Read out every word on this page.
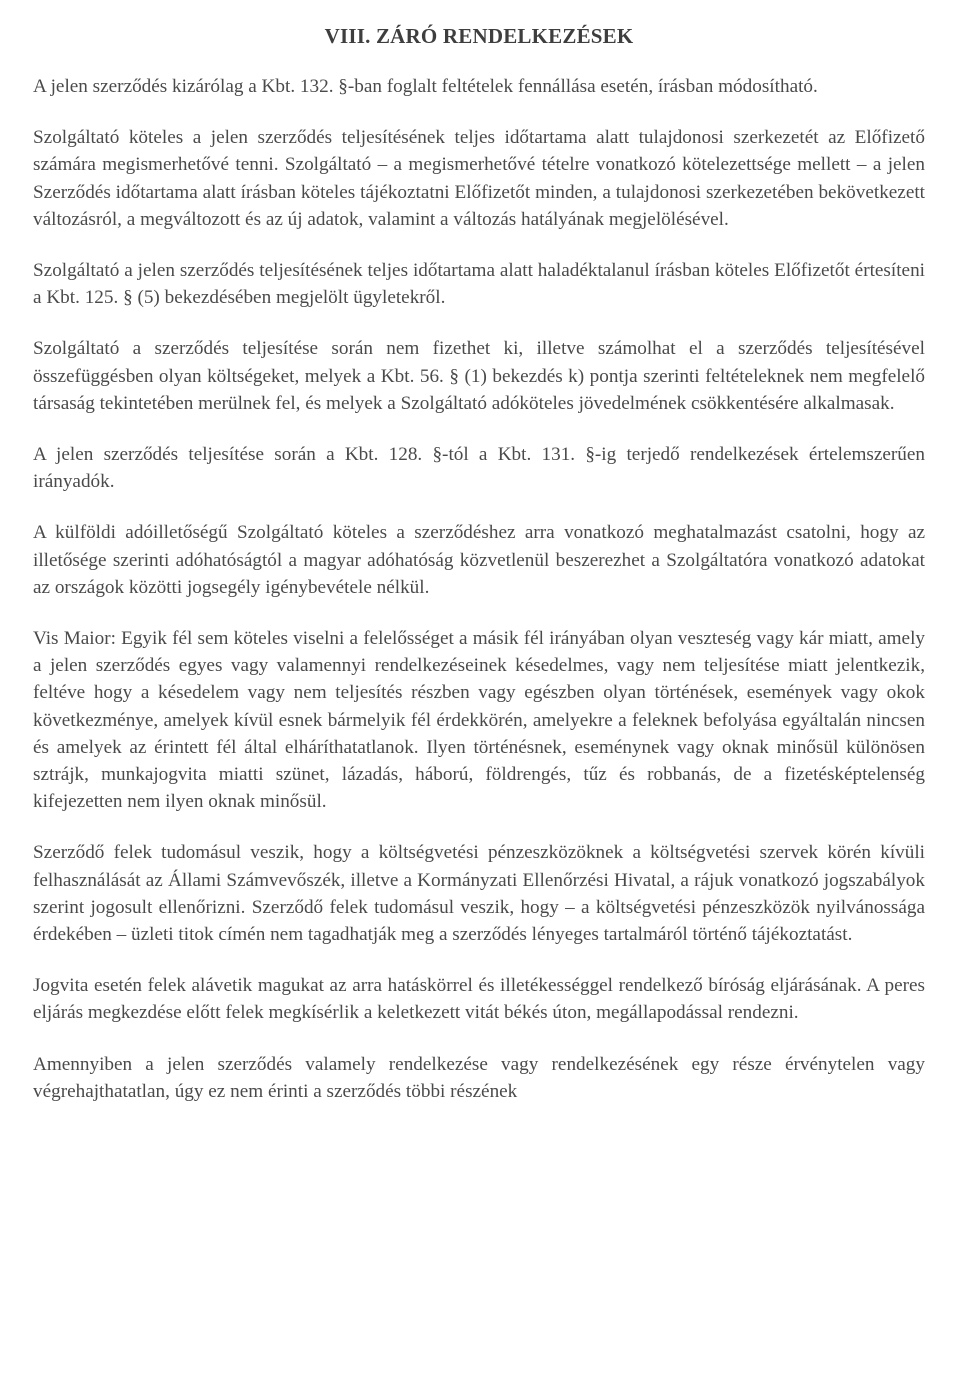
VIII. ZÁRÓ RENDELKEZÉSEK

A jelen szerződés kizárólag a Kbt. 132. §-ban foglalt feltételek fennállása esetén, írásban módosítható.

Szolgáltató köteles a jelen szerződés teljesítésének teljes időtartama alatt tulajdonosi szerkezetét az Előfizető számára megismerhetővé tenni. Szolgáltató – a megismerhetővé tételre vonatkozó kötelezettsége mellett – a jelen Szerződés időtartama alatt írásban köteles tájékoztatni Előfizetőt minden, a tulajdonosi szerkezetében bekövetkezett változásról, a megváltozott és az új adatok, valamint a változás hatályának megjelölésével.

Szolgáltató a jelen szerződés teljesítésének teljes időtartama alatt haladéktalanul írásban köteles Előfizetőt értesíteni a Kbt. 125. § (5) bekezdésében megjelölt ügyletekről.

Szolgáltató a szerződés teljesítése során nem fizethet ki, illetve számolhat el a szerződés teljesítésével összefüggésben olyan költségeket, melyek a Kbt. 56. § (1) bekezdés k) pontja szerinti feltételeknek nem megfelelő társaság tekintetében merülnek fel, és melyek a Szolgáltató adóköteles jövedelmének csökkentésére alkalmasak.

A jelen szerződés teljesítése során a Kbt. 128. §-tól a Kbt. 131. §-ig terjedő rendelkezések értelemszerűen irányadók.

A külföldi adóilletőségű Szolgáltató köteles a szerződéshez arra vonatkozó meghatalmazást csatolni, hogy az illetősége szerinti adóhatóságtól a magyar adóhatóság közvetlenül beszerezhet a Szolgáltatóra vonatkozó adatokat az országok közötti jogsegély igénybevétele nélkül.

Vis Maior: Egyik fél sem köteles viselni a felelősséget a másik fél irányában olyan veszteség vagy kár miatt, amely a jelen szerződés egyes vagy valamennyi rendelkezéseinek késedelmes, vagy nem teljesítése miatt jelentkezik, feltéve hogy a késedelem vagy nem teljesítés részben vagy egészben olyan történések, események vagy okok következménye, amelyek kívül esnek bármelyik fél érdekkörén, amelyekre a feleknek befolyása egyáltalán nincsen és amelyek az érintett fél által elháríthatatlanok. Ilyen történésnek, eseménynek vagy oknak minősül különösen sztrájk, munkajogvita miatti szünet, lázadás, háború, földrengés, tűz és robbanás, de a fizetésképtelenség kifejezetten nem ilyen oknak minősül.

Szerződő felek tudomásul veszik, hogy a költségvetési pénzeszközöknek a költségvetési szervek körén kívüli felhasználását az Állami Számvevőszék, illetve a Kormányzati Ellenőrzési Hivatal, a rájuk vonatkozó jogszabályok szerint jogosult ellenőrizni. Szerződő felek tudomásul veszik, hogy – a költségvetési pénzeszközök nyilvánossága érdekében – üzleti titok címén nem tagadhatják meg a szerződés lényeges tartalmáról történő tájékoztatást.

Jogvita esetén felek alávetik magukat az arra hatáskörrel és illetékességgel rendelkező bíróság eljárásának. A peres eljárás megkezdése előtt felek megkísérlik a keletkezett vitát békés úton, megállapodással rendezni.

Amennyiben a jelen szerződés valamely rendelkezése vagy rendelkezésének egy része érvénytelen vagy végrehajthatatlan, úgy ez nem érinti a szerződés többi részének
